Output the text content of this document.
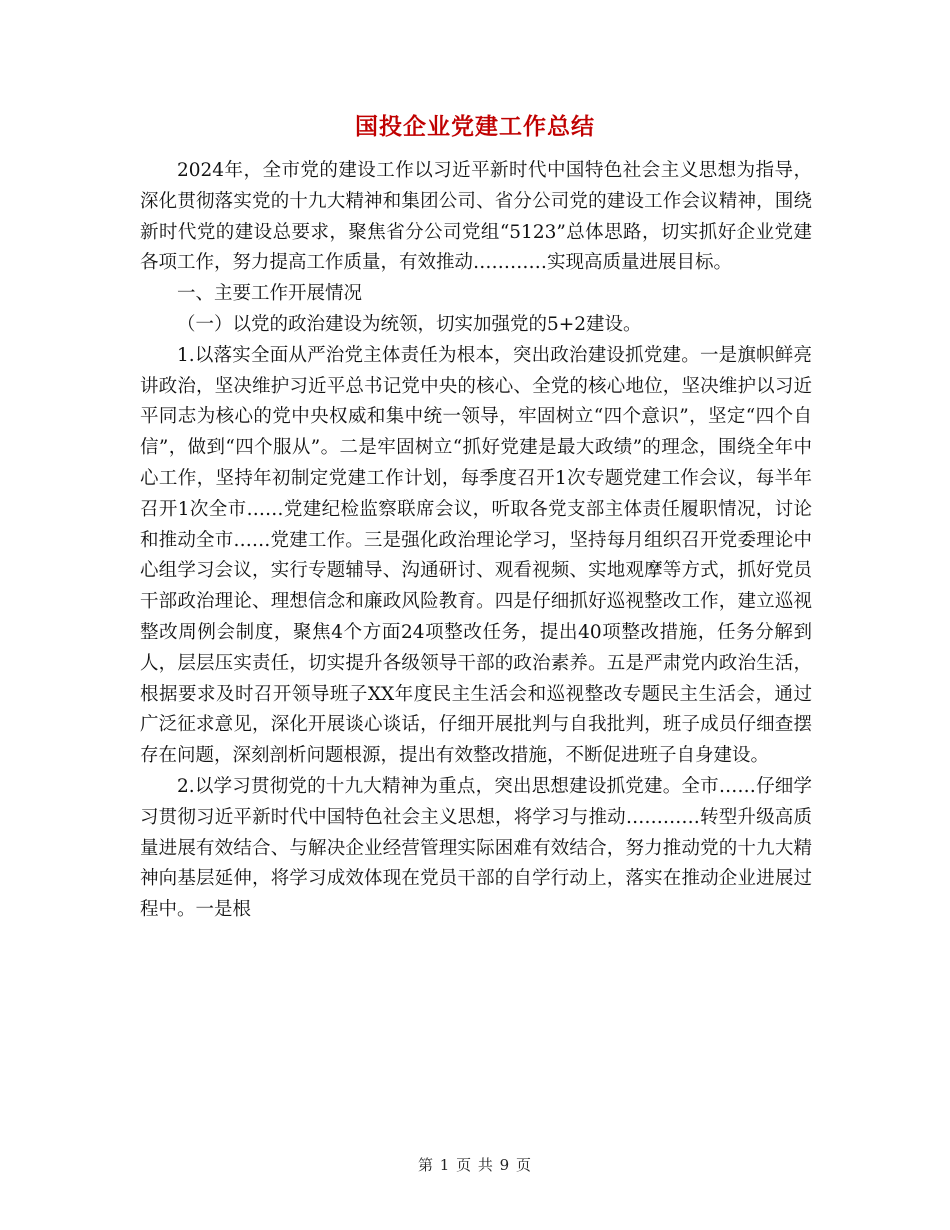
国投企业党建工作总结

2024年，全市党的建设工作以习近平新时代中国特色社会主义思想为指导，深化贯彻落实党的十九大精神和集团公司、省分公司党的建设工作会议精神，围绕新时代党的建设总要求，聚焦省分公司党组“5123”总体思路，切实抓好企业党建各项工作，努力提高工作质量，有效推动…………实现高质量进展目标。

一、主要工作开展情况

（一）以党的政治建设为统领，切实加强党的5+2建设。

1.以落实全面从严治党主体责任为根本，突出政治建设抓党建。一是旗帜鲜亮讲政治，坚决维护习近平总书记党中央的核心、全党的核心地位，坚决维护以习近平同志为核心的党中央权威和集中统一领导，牢固树立“四个意识”，坚定“四个自信”，做到“四个服从”。二是牢固树立“抓好党建是最大政绩”的理念，围绕全年中心工作，坚持年初制定党建工作计划，每季度召开1次专题党建工作会议，每半年召开1次全市……党建纪检监察联席会议，听取各党支部主体责任履职情况，讨论和推动全市……党建工作。三是强化政治理论学习，坚持每月组织召开党委理论中心组学习会议，实行专题辅导、沟通研讨、观看视频、实地观摩等方式，抓好党员干部政治理论、理想信念和廉政风险教育。四是仔细抓好巡视整改工作，建立巡视整改周例会制度，聚焦4个方面24项整改任务，提出40项整改措施，任务分解到人，层层压实责任，切实提升各级领导干部的政治素养。五是严肃党内政治生活，根据要求及时召开领导班子XX年度民主生活会和巡视整改专题民主生活会，通过广泛征求意见，深化开展谈心谈话，仔细开展批判与自我批判，班子成员仔细查摆存在问题，深刻剖析问题根源，提出有效整改措施，不断促进班子自身建设。

2.以学习贯彻党的十九大精神为重点，突出思想建设抓党建。全市……仔细学习贯彻习近平新时代中国特色社会主义思想，将学习与推动…………转型升级高质量进展有效结合、与解决企业经营管理实际困难有效结合，努力推动党的十九大精神向基层延伸，将学习成效体现在党员干部的自学行动上，落实在推动企业进展过程中。一是根

第 1 页 共 9 页
